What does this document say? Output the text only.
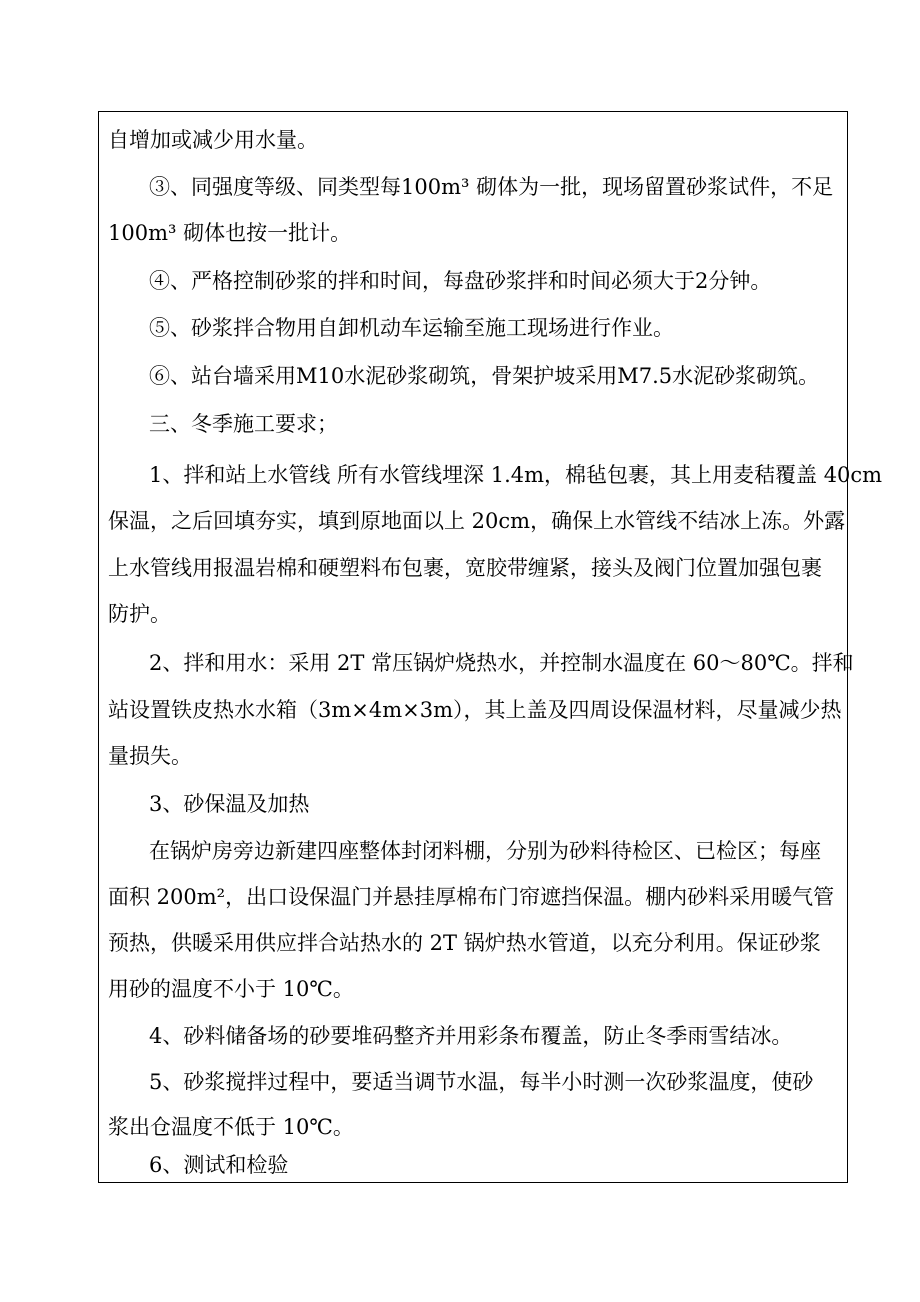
自增加或减少用水量。

③、同强度等级、同类型每100m³ 砌体为一批，现场留置砂浆试件，不足

100m³ 砌体也按一批计。

④、严格控制砂浆的拌和时间，每盘砂浆拌和时间必须大于2分钟。

⑤、砂浆拌合物用自卸机动车运输至施工现场进行作业。

⑥、站台墙采用M10水泥砂浆砌筑，骨架护坡采用M7.5水泥砂浆砌筑。

三、冬季施工要求；

1、拌和站上水管线 所有水管线埋深 1.4m，棉毡包裹，其上用麦秸覆盖 40cm

保温，之后回填夯实，填到原地面以上 20cm，确保上水管线不结冰上冻。外露

上水管线用报温岩棉和硬塑料布包裹，宽胶带缠紧，接头及阀门位置加强包裹

防护。

2、拌和用水：采用 2T 常压锅炉烧热水，并控制水温度在 60～80℃。拌和

站设置铁皮热水水箱（3m×4m×3m），其上盖及四周设保温材料，尽量减少热

量损失。

3、砂保温及加热

在锅炉房旁边新建四座整体封闭料棚，分别为砂料待检区、已检区；每座

面积 200m²，出口设保温门并悬挂厚棉布门帘遮挡保温。棚内砂料采用暖气管

预热，供暖采用供应拌合站热水的 2T 锅炉热水管道，以充分利用。保证砂浆

用砂的温度不小于 10℃。

4、砂料储备场的砂要堆码整齐并用彩条布覆盖，防止冬季雨雪结冰。

5、砂浆搅拌过程中，要适当调节水温，每半小时测一次砂浆温度，使砂

浆出仓温度不低于 10℃。

6、测试和检验
